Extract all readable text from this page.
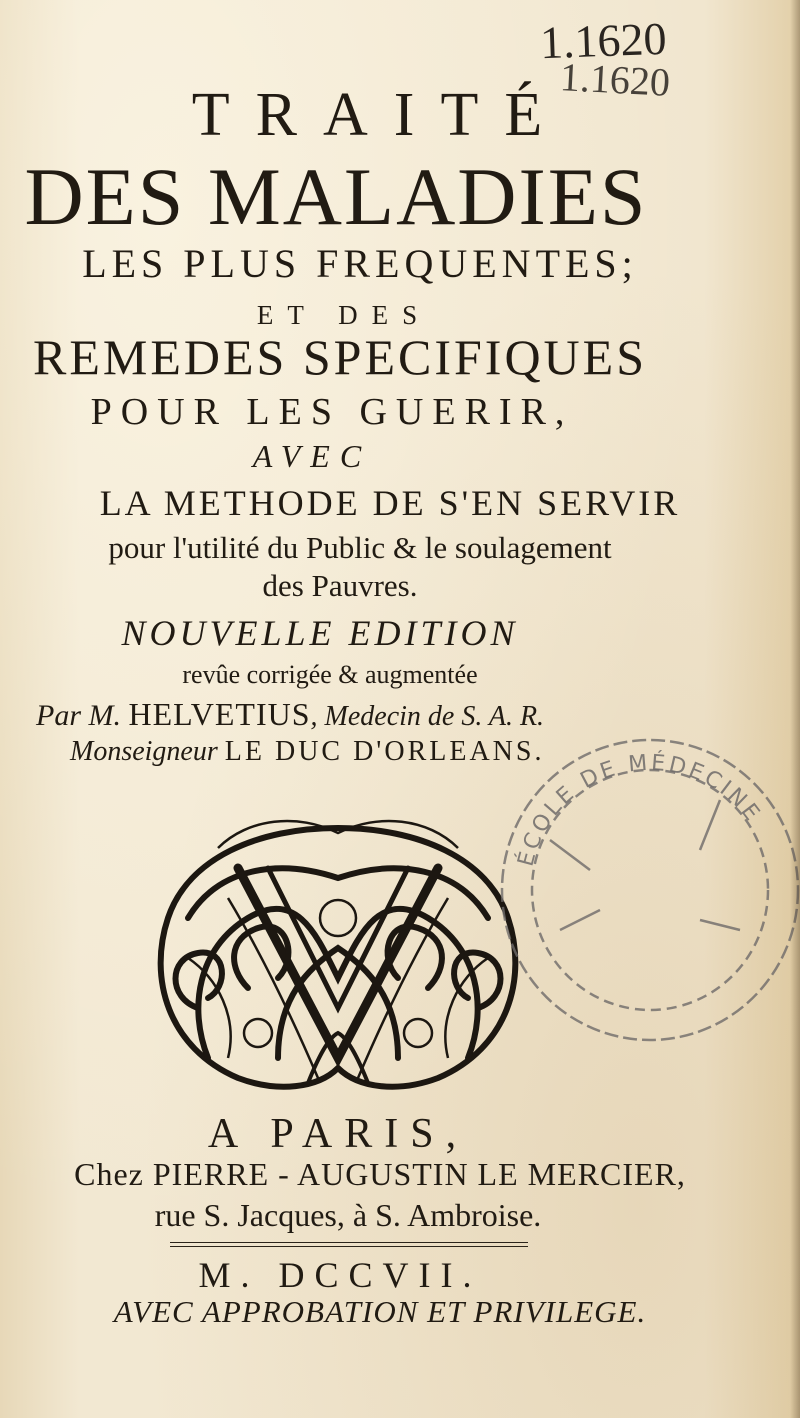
1.1620
1.1620
TRAITÉ
DES MALADIES
LES PLUS FREQUENTES;
ET DES
REMEDES SPECIFIQUES
POUR LES GUERIR,
AVEC
LA METHODE DE S'EN SERVIR
pour l'utilité du Public & le soulagement
des Pauvres.
NOUVELLE EDITION
revûe corrigée & augmentée
Par M. HELVETIUS, Medecin de S. A. R.
Monseigneur LE DUC D'ORLEANS.
ÉCOLE DE MÉDECINE
A PARIS,
Chez PIERRE - AUGUSTIN LE MERCIER,
rue S. Jacques, à S. Ambroise.
M. DCCVII.
AVEC APPROBATION ET PRIVILEGE.
